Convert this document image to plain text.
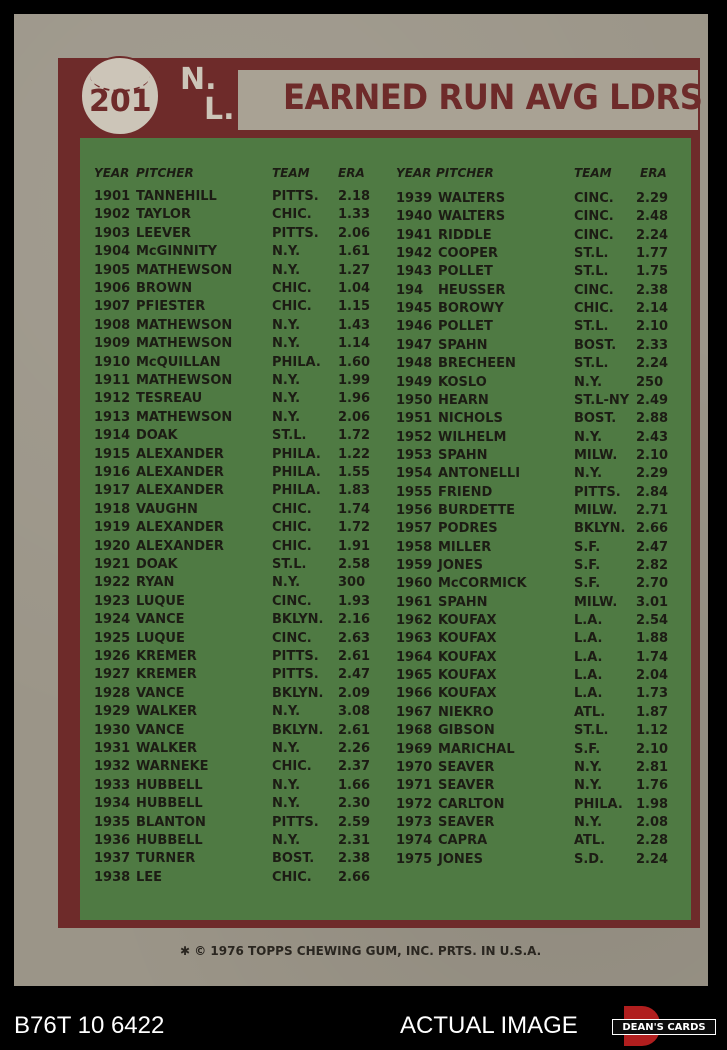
EARNED RUN AVG LDRS
201
N.
L.
YEAR PITCHER	TEAM ERA	YEAR PITCHER	TEAM ERA
1901 TANNEHILL	PITTS. 2.18
1902 TAYLOR	CHIC. 1.33
1903 LEEVER	PITTS. 2.06
1904 McGINNITY	N.Y.	1.61
1905 MATHEWSON	N.Y.	1.27
1906 BROWN	CHIC. 1.04
1907 PFIESTER	CHIC. 1.15
1908 MATHEWSON	N.Y.	1.43
1909 MATHEWSON	N.Y.	1.14
1910 McQUILLAN	PHILA. 1.60
1911 MATHEWSON	N.Y.	1.99
1912 TESREAU	N.Y.	1.96
1913 MATHEWSON	N.Y.	2.06
1914 DOAK	ST.L. 1.72
1915 ALEXANDER	PHILA. 1.22
1916 ALEXANDER	PHILA. 1.55
1917 ALEXANDER	PHILA. 1.83
1918 VAUGHN	CHIC. 1.74
1919 ALEXANDER	CHIC. 1.72
1920 ALEXANDER	CHIC. 1.91
1921 DOAK	ST.L. 2.58
1922 RYAN	N.Y.	300
1923 LUQUE	CINC. 1.93
1924 VANCE	BKLYN. 2.16
1925 LUQUE	CINC. 2.63
1926 KREMER	PITTS. 2.61
1927 KREMER	PITTS. 2.47
1928 VANCE	BKLYN. 2.09
1929 WALKER	N.Y.	3.08
1930 VANCE	BKLYN. 2.61
1931 WALKER	N.Y.	2.26
1932 WARNEKE	CHIC. 2.37
1933 HUBBELL	N.Y.	1.66
1934 HUBBELL	N.Y.	2.30
1935 BLANTON	PITTS. 2.59
1936 HUBBELL	N.Y.	2.31
1937 TURNER	BOST. 2.38
1938 LEE	CHIC. 2.66
1939 WALTERS	CINC. 2.29
1940 WALTERS	CINC. 2.48
1941 RIDDLE	CINC. 2.24
1942 COOPER	ST.L. 1.77
1943 POLLET	ST.L. 1.75
194 HEUSSER	CINC. 2.38
1945 BOROWY	CHIC. 2.14
1946 POLLET	ST.L. 2.10
1947 SPAHN	BOST. 2.33
1948 BRECHEEN	ST.L. 2.24
1949 KOSLO	N.Y.	250
1950 HEARN	ST.L-NY 2.49
1951 NICHOLS	BOST. 2.88
1952 WILHELM	N.Y.	2.43
1953 SPAHN	MILW. 2.10
1954 ANTONELLI	N.Y.	2.29
1955 FRIEND	PITTS. 2.84
1956 BURDETTE	MILW. 2.71
1957 PODRES	BKLYN. 2.66
1958 MILLER	S.F.	2.47
1959 JONES	S.F.	2.82
1960 McCORMICK	S.F.	2.70
1961 SPAHN	MILW. 3.01
1962 KOUFAX	L.A.	2.54
1963 KOUFAX	L.A.	1.88
1964 KOUFAX	L.A.	1.74
1965 KOUFAX	L.A.	2.04
1966 KOUFAX	L.A.	1.73
1967 NIEKRO	ATL. 1.87
1968 GIBSON	ST.L. 1.12
1969 MARICHAL	S.F.	2.10
1970 SEAVER	N.Y.	2.81
1971 SEAVER	N.Y.	1.76
1972 CARLTON	PHILA. 1.98
1973 SEAVER	N.Y.	2.08
1974 CAPRA	ATL. 2.28
1975 JONES	S.D. 2.24
✱ © 1976 TOPPS CHEWING GUM, INC. PRTS. IN U.S.A.
B76T 10 6422	ACTUAL IMAGE	DEAN'S CARDS
